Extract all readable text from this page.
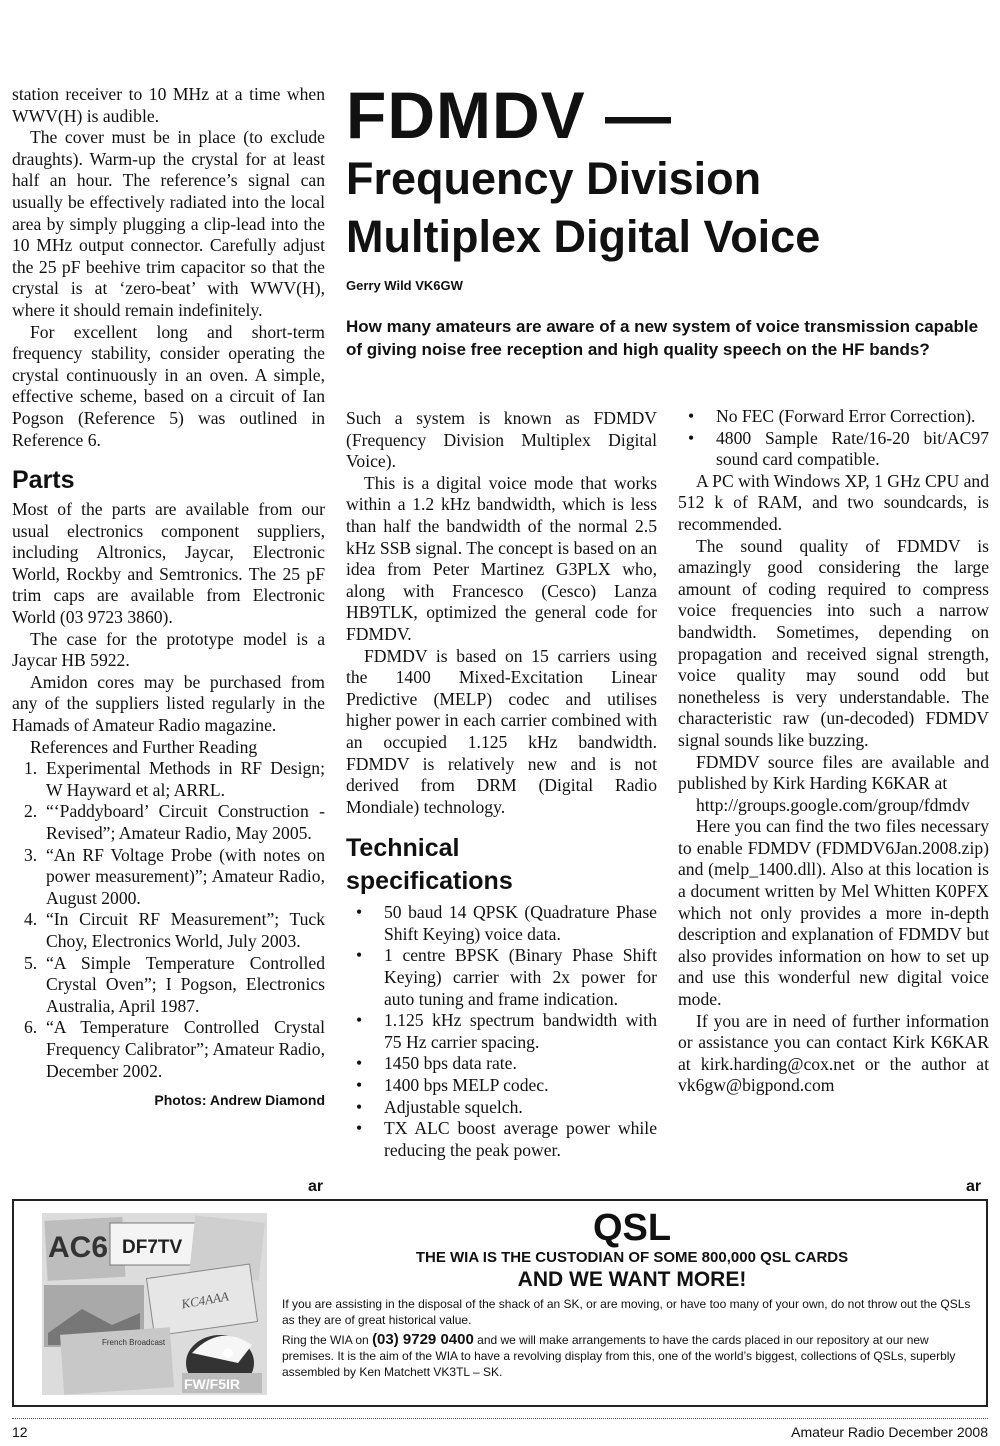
station receiver to 10 MHz at a time when WWV(H) is audible.

The cover must be in place (to exclude draughts). Warm-up the crystal for at least half an hour. The reference’s signal can usually be effectively radiated into the local area by simply plugging a clip-lead into the 10 MHz output connector. Carefully adjust the 25 pF beehive trim capacitor so that the crystal is at ‘zero-beat’ with WWV(H), where it should remain indefinitely.

For excellent long and short-term frequency stability, consider operating the crystal continuously in an oven. A simple, effective scheme, based on a circuit of Ian Pogson (Reference 5) was outlined in Reference 6.

Parts

Most of the parts are available from our usual electronics component suppliers, including Altronics, Jaycar, Electronic World, Rockby and Semtronics. The 25 pF trim caps are available from Electronic World (03 9723 3860).

The case for the prototype model is a Jaycar HB 5922.

Amidon cores may be purchased from any of the suppliers listed regularly in the Hamads of Amateur Radio magazine.

References and Further Reading

1. Experimental Methods in RF Design; W Hayward et al; ARRL.
2. “‘Paddyboard’ Circuit Construction - Revised”; Amateur Radio, May 2005.
3. “An RF Voltage Probe (with notes on power measurement)”; Amateur Radio, August 2000.
4. “In Circuit RF Measurement”; Tuck Choy, Electronics World, July 2003.
5. “A Simple Temperature Controlled Crystal Oven”; I Pogson, Electronics Australia, April 1987.
6. “A Temperature Controlled Crystal Frequency Calibrator”; Amateur Radio, December 2002.

Photos: Andrew Diamond

ar
FDMDV —
Frequency Division
Multiplex Digital Voice
Gerry Wild VK6GW
How many amateurs are aware of a new system of voice transmission capable of giving noise free reception and high quality speech on the HF bands?

Such a system is known as FDMDV (Frequency Division Multiplex Digital Voice).

This is a digital voice mode that works within a 1.2 kHz bandwidth, which is less than half the bandwidth of the normal 2.5 kHz SSB signal. The concept is based on an idea from Peter Martinez G3PLX who, along with Francesco (Cesco) Lanza HB9TLK, optimized the general code for FDMDV.

FDMDV is based on 15 carriers using the 1400 Mixed-Excitation Linear Predictive (MELP) codec and utilises higher power in each carrier combined with an occupied 1.125 kHz bandwidth. FDMDV is relatively new and is not derived from DRM (Digital Radio Mondiale) technology.

Technical
specifications
• 50 baud 14 QPSK (Quadrature Phase Shift Keying) voice data.
• 1 centre BPSK (Binary Phase Shift Keying) carrier with 2x power for auto tuning and frame indication.
• 1.125 kHz spectrum bandwidth with 75 Hz carrier spacing.
• 1450 bps data rate.
• 1400 bps MELP codec.
• Adjustable squelch.
• TX ALC boost average power while reducing the peak power.
• No FEC (Forward Error Correction).
• 4800 Sample Rate/16-20 bit/AC97 sound card compatible.

A PC with Windows XP, 1 GHz CPU and 512 k of RAM, and two soundcards, is recommended.

The sound quality of FDMDV is amazingly good considering the large amount of coding required to compress voice frequencies into such a narrow bandwidth. Sometimes, depending on propagation and received signal strength, voice quality may sound odd but nonetheless is very understandable. The characteristic raw (un-decoded) FDMDV signal sounds like buzzing.

FDMDV source files are available and published by Kirk Harding K6KAR at

http://groups.google.com/group/fdmdv

Here you can find the two files necessary to enable FDMDV (FDMDV6Jan.2008.zip) and (melp_1400.dll). Also at this location is a document written by Mel Whitten K0PFX which not only provides a more in-depth description and explanation of FDMDV but also provides information on how to set up and use this wonderful new digital voice mode.

If you are in need of further information or assistance you can contact Kirk K6KAR at kirk.harding@cox.net or the author at vk6gw@bigpond.com

ar
AC6 DF7TV
KC4AAA
French Broadcast
FW/F5IR
QSL
THE WIA IS THE CUSTODIAN OF SOME 800,000 QSL CARDS
AND WE WANT MORE!

If you are assisting in the disposal of the shack of an SK, or are moving, or have too many of your own, do not throw out the QSLs as they are of great historical value.

Ring the WIA on (03) 9729 0400 and we will make arrangements to have the cards placed in our repository at our new premises. It is the aim of the WIA to have a revolving display from this, one of the world’s biggest, collections of QSLs, superbly assembled by Ken Matchett VK3TL – SK.

12	Amateur Radio December 2008
